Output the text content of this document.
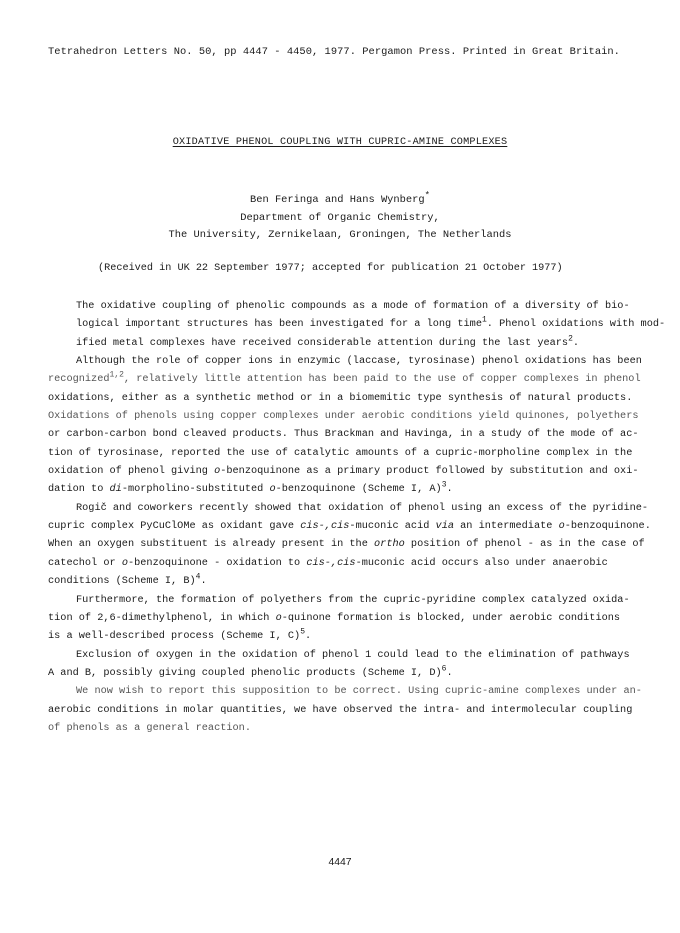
Tetrahedron Letters No. 50, pp 4447 - 4450, 1977. Pergamon Press. Printed in Great Britain.
OXIDATIVE PHENOL COUPLING WITH CUPRIC-AMINE COMPLEXES
Ben Feringa and Hans Wynberg*
Department of Organic Chemistry,
The University, Zernikelaan, Groningen, The Netherlands
(Received in UK 22 September 1977; accepted for publication 21 October 1977)

The oxidative coupling of phenolic compounds as a mode of formation of a diversity of bio-
logical important structures has been investigated for a long time$^1$. Phenol oxidations with mod-
ified metal complexes have received considerable attention during the last years$^2$.

Although the role of copper ions in enzymic (laccase, tyrosinase) phenol oxidations has been
recognized$^{1,2}$, relatively little attention has been paid to the use of copper complexes in phenol
oxidations, either as a synthetic method or in a biomemitic type synthesis of natural products.
Oxidations of phenols using copper complexes under aerobic conditions yield quinones, polyethers
or carbon-carbon bond cleaved products. Thus Brackman and Havinga, in a study of the mode of ac-
tion of tyrosinase, reported the use of catalytic amounts of a cupric-morpholine complex in the
oxidation of phenol giving o-benzoquinone as a primary product followed by substitution and oxi-
dation to di-morpholino-substituted o-benzoquinone (Scheme I, A)$^3$.

Rogič and coworkers recently showed that oxidation of phenol using an excess of the pyridine-
cupric complex PyCuClOMe as oxidant gave cis-,cis-muconic acid via an intermediate o-benzoquinone.
When an oxygen substituent is already present in the ortho position of phenol - as in the case of
catechol or o-benzoquinone - oxidation to cis-,cis-muconic acid occurs also under anaerobic
conditions (Scheme I, B)$^4$.

Furthermore, the formation of polyethers from the cupric-pyridine complex catalyzed oxida-
tion of 2,6-dimethylphenol, in which o-quinone formation is blocked, under aerobic conditions
is a well-described process (Scheme I, C)$^5$.

Exclusion of oxygen in the oxidation of phenol 1 could lead to the elimination of pathways
A and B, possibly giving coupled phenolic products (Scheme I, D)$^6$.

We now wish to report this supposition to be correct. Using cupric-amine complexes under an-
aerobic conditions in molar quantities, we have observed the intra- and intermolecular coupling
of phenols as a general reaction.

4447
